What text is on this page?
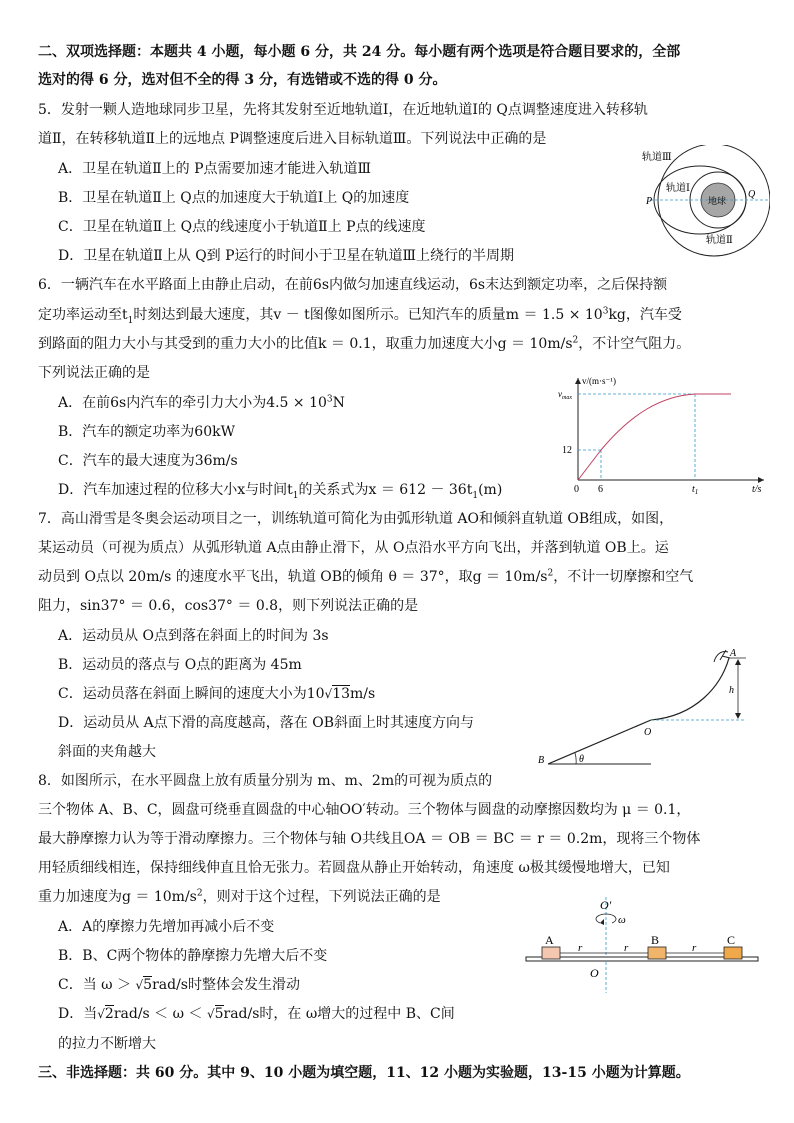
二、双项选择题：本题共 4 小题，每小题 6 分，共 24 分。每小题有两个选项是符合题目要求的，全部
选对的得 6 分，选对但不全的得 3 分，有选错或不选的得 0 分。
5．发射一颗人造地球同步卫星，先将其发射至近地轨道Ⅰ，在近地轨道Ⅰ的 Q点调整速度进入转移轨
道Ⅱ，在转移轨道Ⅱ上的远地点 P调整速度后进入目标轨道Ⅲ。下列说法中正确的是
A．卫星在轨道Ⅱ上的 P点需要加速才能进入轨道Ⅲ
B．卫星在轨道Ⅱ上 Q点的加速度大于轨道Ⅰ上 Q的加速度
C．卫星在轨道Ⅱ上 Q点的线速度小于轨道Ⅱ上 P点的线速度
D．卫星在轨道Ⅱ上从 Q到 P运行的时间小于卫星在轨道Ⅲ上绕行的半周期
轨道Ⅲ
轨道Ⅰ
轨道Ⅱ
地球
P
Q
6．一辆汽车在水平路面上由静止启动，在前6s内做匀加速直线运动，6s末达到额定功率，之后保持额
定功率运动至$t_1$时刻达到最大速度，其v － t图像如图所示。已知汽车的质量$m = 1.5 \times 10^3kg$，汽车受
到路面的阻力大小与其受到的重力大小的比值k ＝ 0.1，取重力加速度大小$g = 10m/s^2$，不计空气阻力。
下列说法正确的是
A．在前6s内汽车的牵引力大小为$4.5 \times 10^3N$
B．汽车的额定功率为60kW
C．汽车的最大速度为36m/s
D．汽车加速过程的位移大小x与时间$t_1$的关系式为$x = 612 - 36t_1(m)$
v/(m·s⁻¹)
$v_{max}$
12
0 6	$t_1$	t/s
7．高山滑雪是冬奥会运动项目之一，训练轨道可简化为由弧形轨道 AO和倾斜直轨道 OB组成，如图，
某运动员（可视为质点）从弧形轨道 A点由静止滑下，从 O点沿水平方向飞出，并落到轨道 OB上。运
动员到 O点以 20m/s 的速度水平飞出，轨道 OB的倾角 θ ＝ 37°，取$g = 10m/s^2$，不计一切摩擦和空气
阻力，sin37° ＝ 0.6，cos37° ＝ 0.8，则下列说法正确的是
A．运动员从 O点到落在斜面上的时间为 3s
B．运动员的落点与 O点的距离为 45m
C．运动员落在斜面上瞬间的速度大小为10√13m/s
D．运动员从 A点下滑的高度越高，落在 OB斜面上时其速度方向与
斜面的夹角越大
A
h
O
B	θ
8．如图所示，在水平圆盘上放有质量分别为 m、m、2m的可视为质点的
三个物体 A、B、C，圆盘可绕垂直圆盘的中心轴OO′转动。三个物体与圆盘的动摩擦因数均为 μ ＝ 0.1，
最大静摩擦力认为等于滑动摩擦力。三个物体与轴 O共线且OA ＝ OB ＝ BC ＝ r ＝ 0.2m，现将三个物体
用轻质细线相连，保持细线伸直且恰无张力。若圆盘从静止开始转动，角速度 ω极其缓慢地增大，已知
重力加速度为$g = 10m/s^2$，则对于这个过程，下列说法正确的是
A．A的摩擦力先增加再减小后不变
B．B、C两个物体的静摩擦力先增大后不变
C．当 ω ＞ √5rad/s时整体会发生滑动
D．当√2rad/s ＜ ω ＜ √5rad/s时，在 ω增大的过程中 B、C间
的拉力不断增大
O′
ω
A	B	C
r	r	r
O
三、非选择题：共 60 分。其中 9、10 小题为填空题，11、12 小题为实验题，13-15 小题为计算题。
